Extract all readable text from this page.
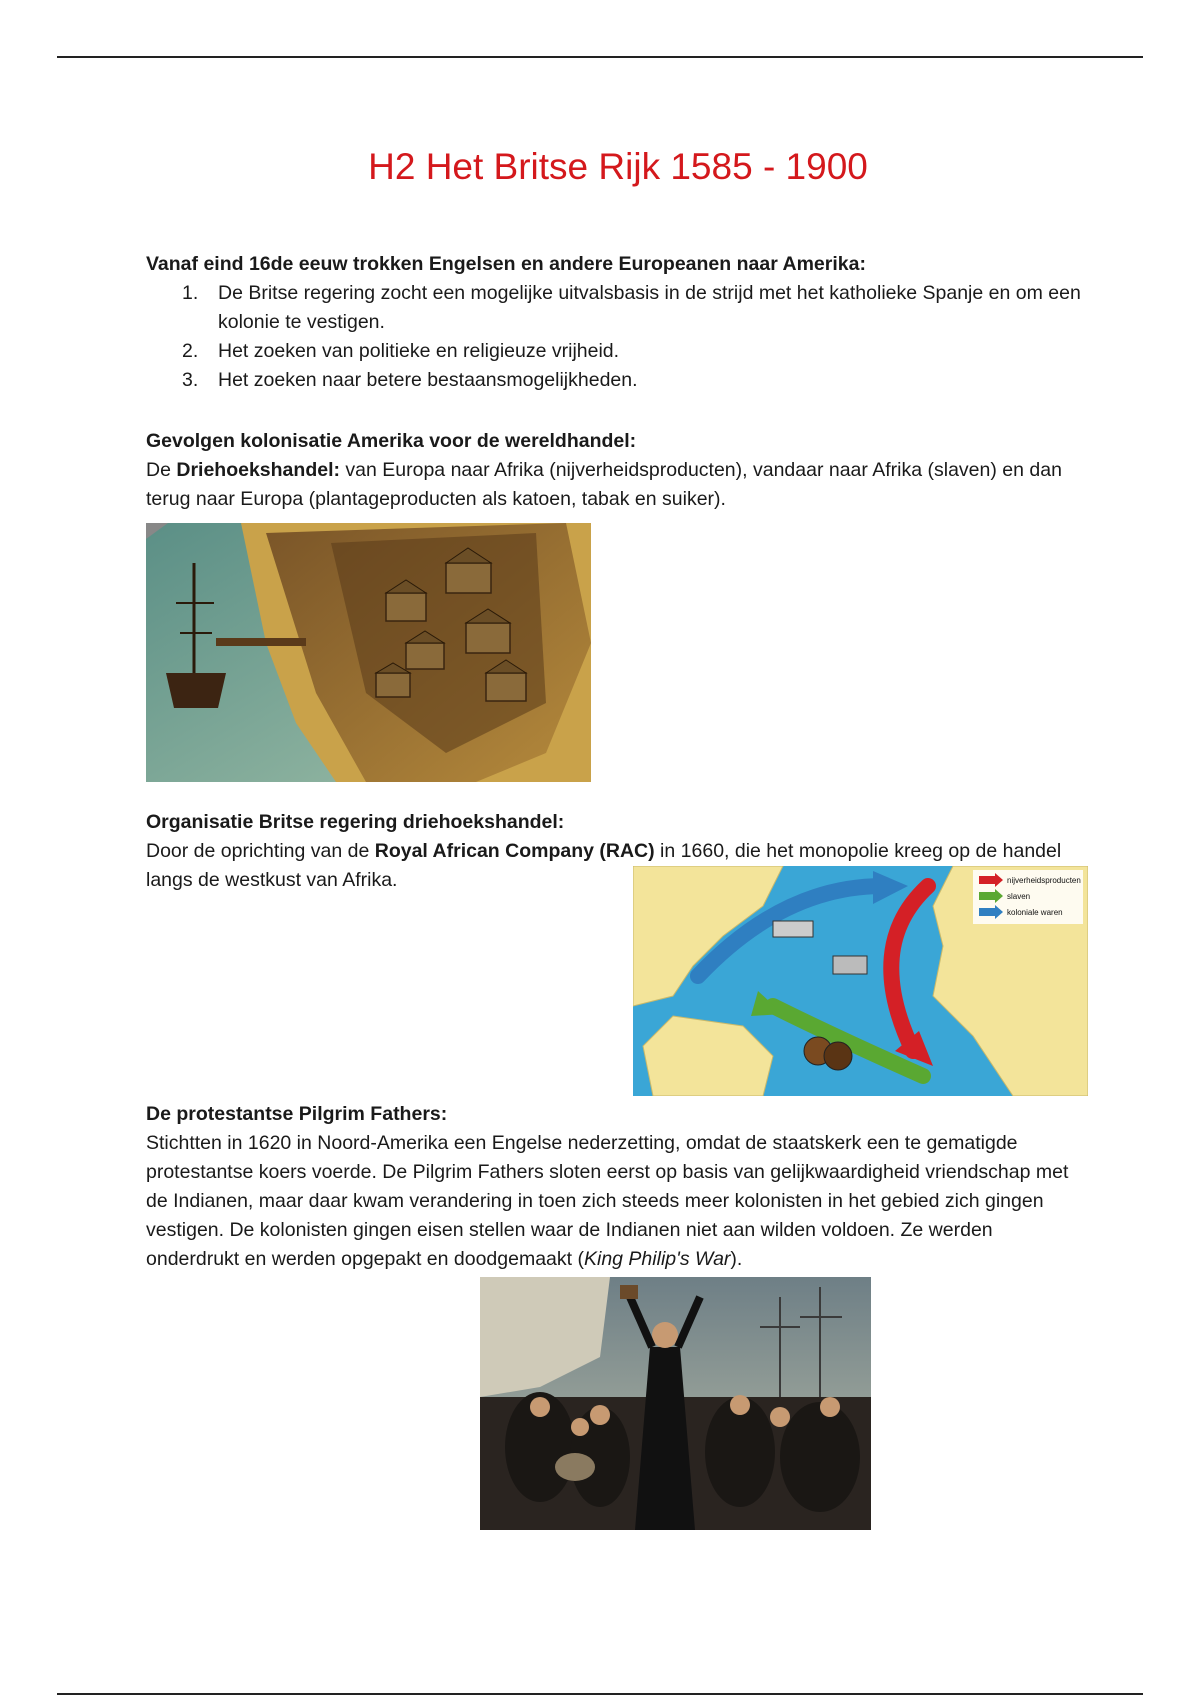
H2 Het Britse Rijk 1585 - 1900

Vanaf eind 16de eeuw trokken Engelsen en andere Europeanen naar Amerika:

1. De Britse regering zocht een mogelijke uitvalsbasis in de strijd met het katholieke Spanje en om een kolonie te vestigen.
2. Het zoeken van politieke en religieuze vrijheid.
3. Het zoeken naar betere bestaansmogelijkheden.

Gevolgen kolonisatie Amerika voor de wereldhandel:

De Driehoekshandel: van Europa naar Afrika (nijverheidsproducten), vandaar naar Afrika (slaven) en dan terug naar Europa (plantageproducten als katoen, tabak en suiker).

Organisatie Britse regering driehoekshandel:

Door de oprichting van de Royal African Company (RAC) in 1660, die het monopolie kreeg op de handel langs de westkust van Afrika.	nijverheidsproducten
slaven
koloniale waren

De protestantse Pilgrim Fathers:

Stichtten in 1620 in Noord-Amerika een Engelse nederzetting, omdat de staatskerk een te gematigde protestantse koers voerde. De Pilgrim Fathers sloten eerst op basis van gelijkwaardigheid vriendschap met de Indianen, maar daar kwam verandering in toen zich steeds meer kolonisten in het gebied zich gingen vestigen. De kolonisten gingen eisen stellen waar de Indianen niet aan wilden voldoen. Ze werden onderdrukt en werden opgepakt en doodgemaakt (King Philip's War).
